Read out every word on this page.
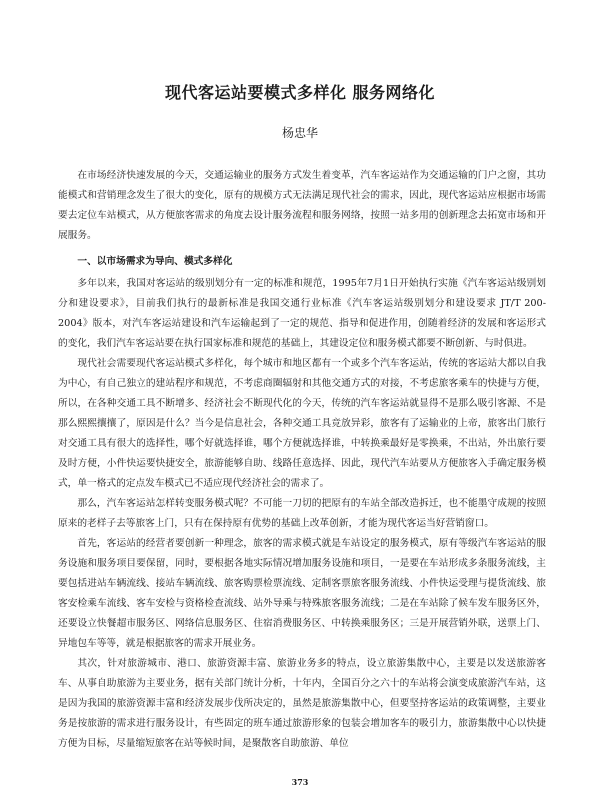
现代客运站要模式多样化 服务网络化

杨忠华

在市场经济快速发展的今天，交通运输业的服务方式发生着变革，汽车客运站作为交通运输的门户之窗，其功能模式和营销理念发生了很大的变化，原有的规模方式无法满足现代社会的需求，因此，现代客运站应根据市场需要去定位车站模式，从方便旅客需求的角度去设计服务流程和服务网络，按照一站多用的创新理念去拓宽市场和开展服务。

一、以市场需求为导向、模式多样化

多年以来，我国对客运站的级别划分有一定的标准和规范，1995年7月1日开始执行实施《汽车客运站级别划分和建设要求》，目前我们执行的最新标准是我国交通行业标准《汽车客运站级别划分和建设要求 JT/T 200-2004》版本，对汽车客运站建设和汽车运输起到了一定的规范、指导和促进作用，创随着经济的发展和客运形式的变化，我们汽车客运站要在执行国家标准和规范的基础上，其建设定位和服务模式都要不断创新、与时俱进。

现代社会需要现代客运站模式多样化，每个城市和地区都有一个或多个汽车客运站，传统的客运站大都以自我为中心，有自己独立的建站程序和规范，不考虑商圈辐射和其他交通方式的对接，不考虑旅客乘车的快捷与方便，所以，在各种交通工具不断增多、经济社会不断现代化的今天，传统的汽车客运站就显得不是那么吸引客源、不是那么熙熙攘攘了，原因是什么？当今是信息社会，各种交通工具竞放异彩，旅客有了运输业的上帝，旅客出门旅行对交通工具有很大的选择性，哪个好就选择谁，哪个方便就选择谁，中转换乘最好是零换乘，不出站，外出旅行要及时方便，小件快运要快捷安全，旅游能够自助、线路任意选择、因此，现代汽车站要从方便旅客入手确定服务模式，单一格式的定点发车模式已不适应现代经济社会的需求了。

那么，汽车客运站怎样转变服务模式呢？不可能一刀切的把原有的车站全部改造拆迁，也不能墨守成规的按照原来的老样子去等旅客上门，只有在保持原有优势的基础上改革创新，才能为现代客运当好营销窗口。

首先，客运站的经营者要创新一种理念，旅客的需求模式就是车站设定的服务模式，原有等级汽车客运站的服务设施和服务项目要保留，同时，要根据各地实际情况增加服务设施和项目，一是要在车站形成多条服务流线，主要包括进站车辆流线、接站车辆流线、旅客购票检票流线、定制客票旅客服务流线、小件快运受理与提货流线、旅客安检乘车流线、客车安检与资格检查流线、站外导乘与特殊旅客服务流线；二是在车站除了候车发车服务区外，还要设立快餐超市服务区、网络信息服务区、住宿消费服务区、中转换乘服务区；三是开展营销外联，送票上门、异地包车等等，就是根据旅客的需求开展业务。

其次，针对旅游城市、港口、旅游资源丰富、旅游业务多的特点，设立旅游集散中心，主要是以发送旅游客车、从事自助旅游为主要业务，据有关部门统计分析，十年内，全国百分之六十的车站将会演变成旅游汽车站，这是因为我国的旅游资源丰富和经济发展步伐所决定的，虽然是旅游集散中心，但要坚持客运站的政策调整，主要业务是按旅游的需求进行服务设计，有些固定的班车通过旅游形象的包装会增加客车的吸引力，旅游集散中心以快捷方便为目标，尽量缩短旅客在站等候时间，是聚散客自助旅游、单位

373
